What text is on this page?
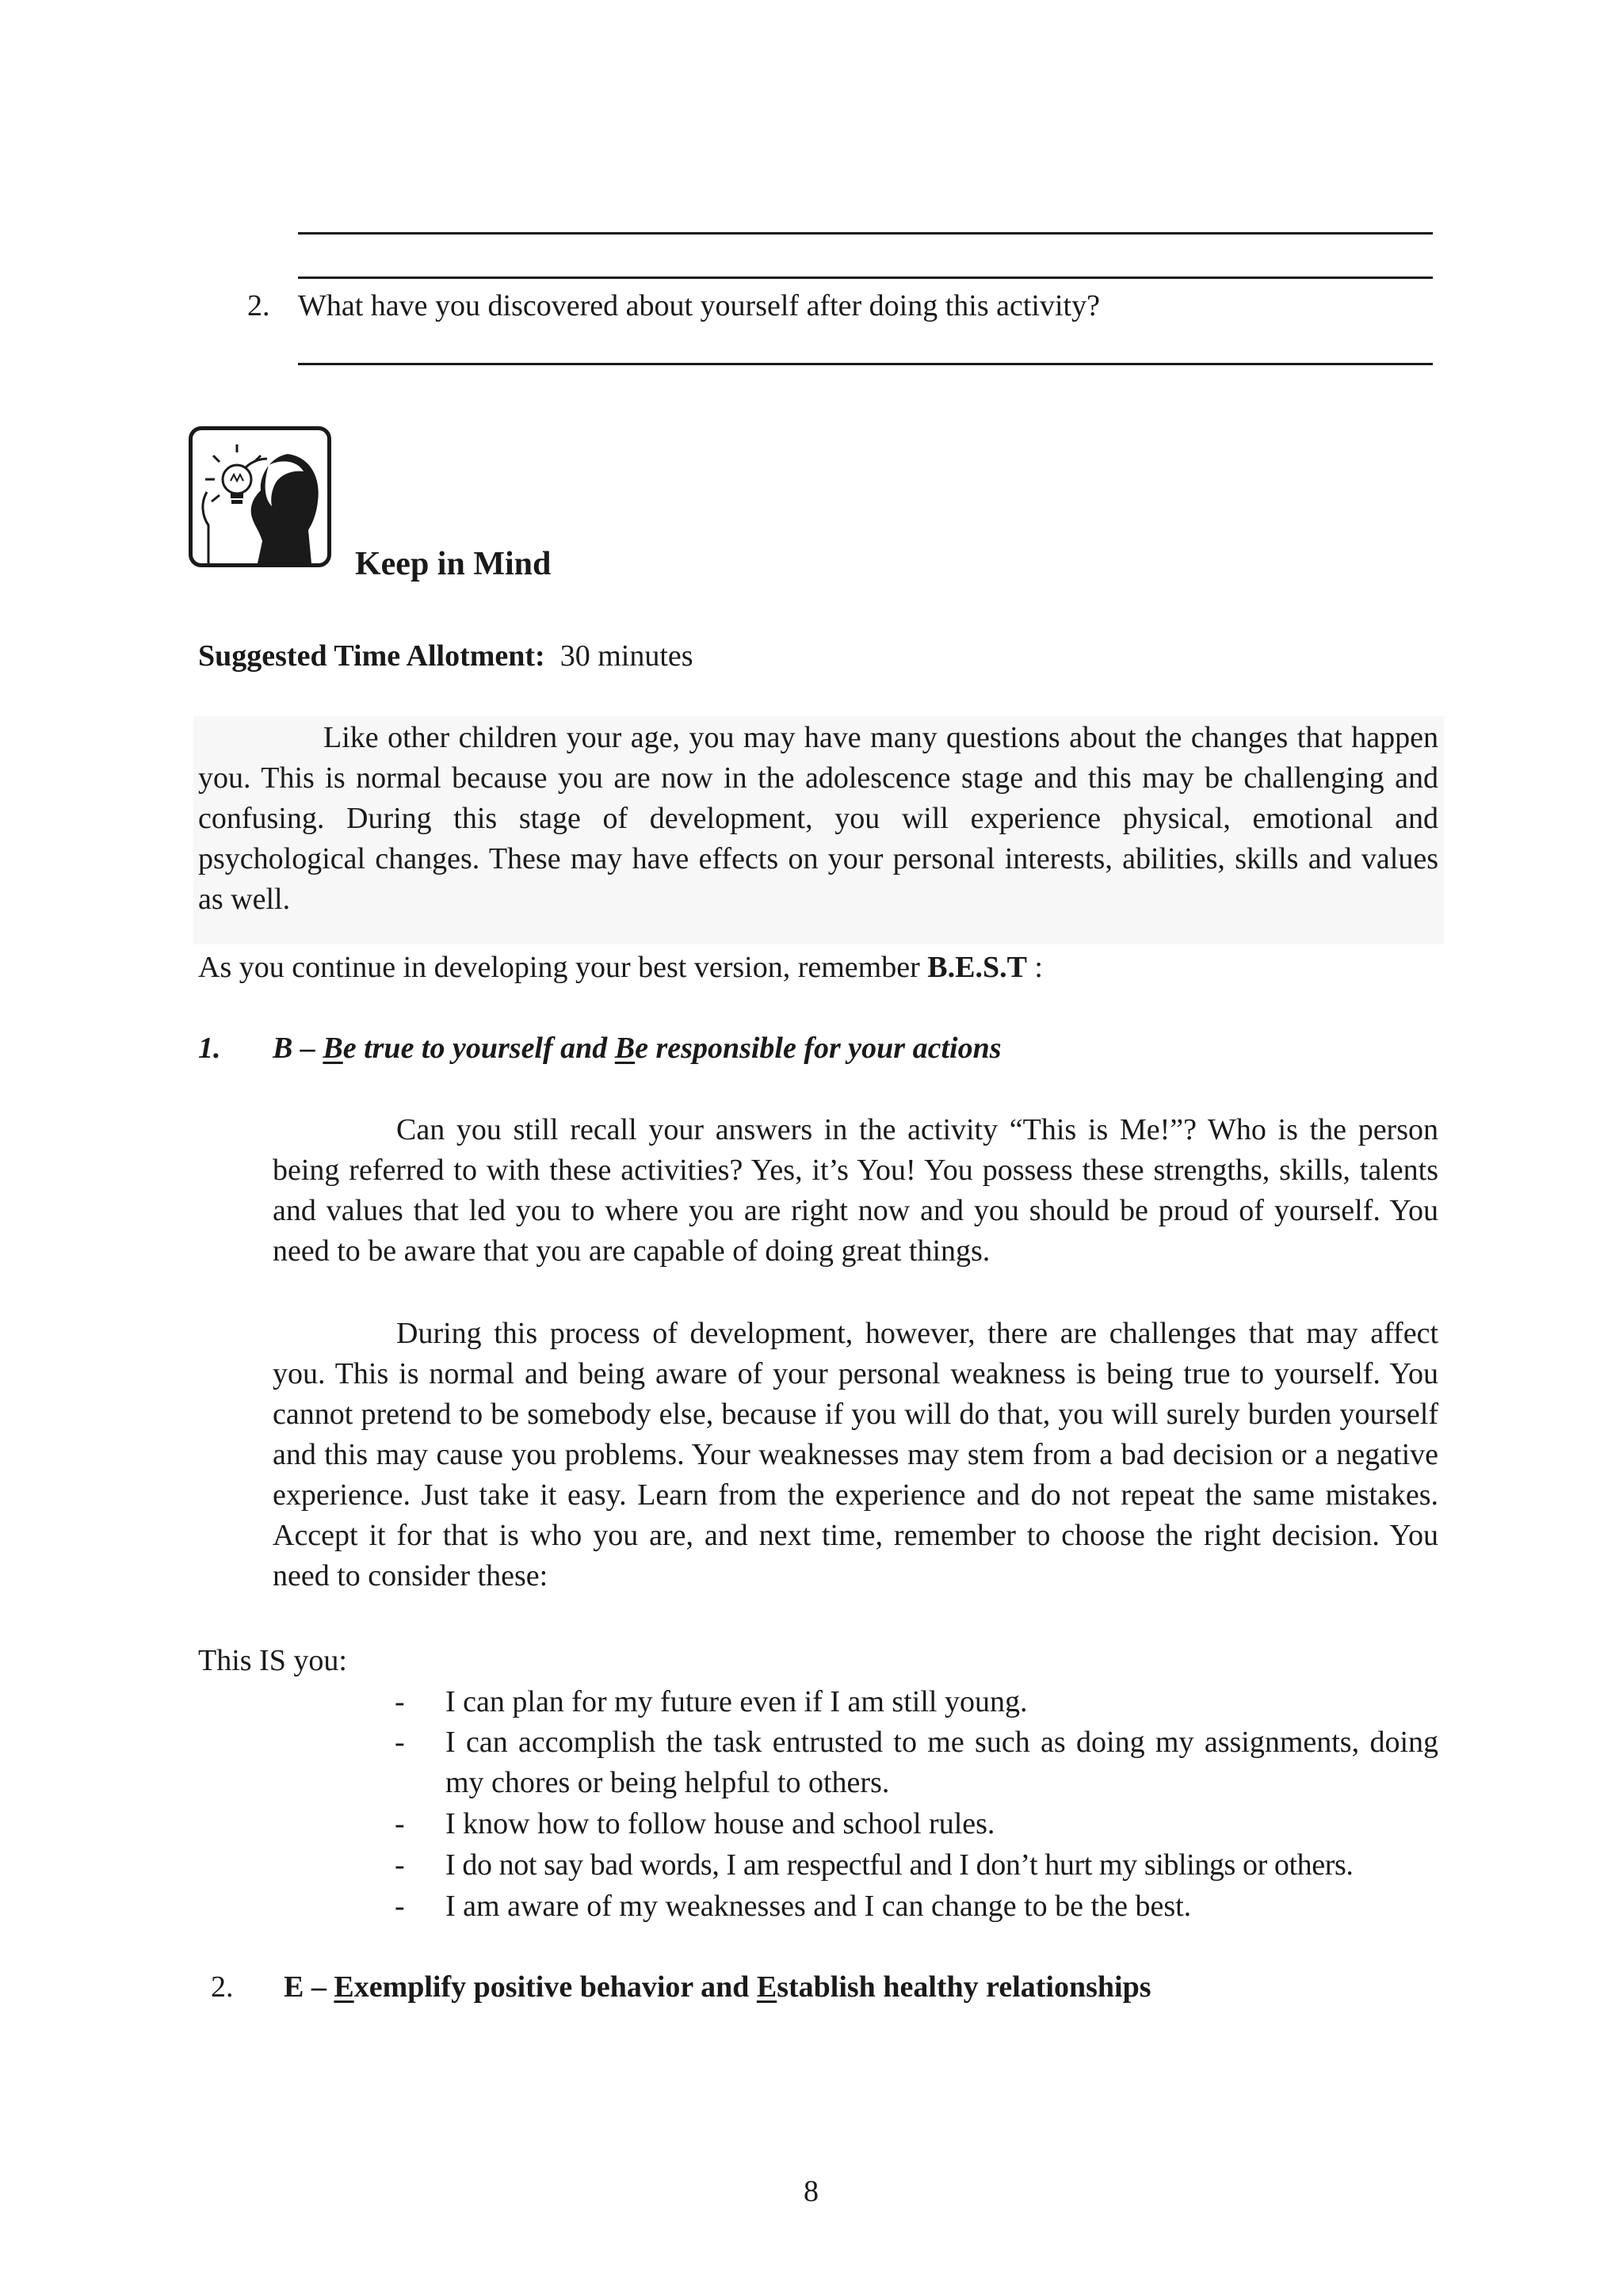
2. What have you discovered about yourself after doing this activity?
Keep in Mind
Suggested Time Allotment: 30 minutes
Like other children your age, you may have many questions about the changes that happen you. This is normal because you are now in the adolescence stage and this may be challenging and confusing. During this stage of development, you will experience physical, emotional and psychological changes. These may have effects on your personal interests, abilities, skills and values as well.
As you continue in developing your best version, remember B.E.S.T :
1. B – Be true to yourself and Be responsible for your actions
Can you still recall your answers in the activity “This is Me!”? Who is the person being referred to with these activities? Yes, it’s You! You possess these strengths, skills, talents and values that led you to where you are right now and you should be proud of yourself. You need to be aware that you are capable of doing great things.
During this process of development, however, there are challenges that may affect you. This is normal and being aware of your personal weakness is being true to yourself. You cannot pretend to be somebody else, because if you will do that, you will surely burden yourself and this may cause you problems. Your weaknesses may stem from a bad decision or a negative experience. Just take it easy. Learn from the experience and do not repeat the same mistakes. Accept it for that is who you are, and next time, remember to choose the right decision. You need to consider these:
This IS you:
- I can plan for my future even if I am still young.
- I can accomplish the task entrusted to me such as doing my assignments, doing my chores or being helpful to others.
- I know how to follow house and school rules.
- I do not say bad words, I am respectful and I don’t hurt my siblings or others.
- I am aware of my weaknesses and I can change to be the best.
2. E – Exemplify positive behavior and Establish healthy relationships
8
